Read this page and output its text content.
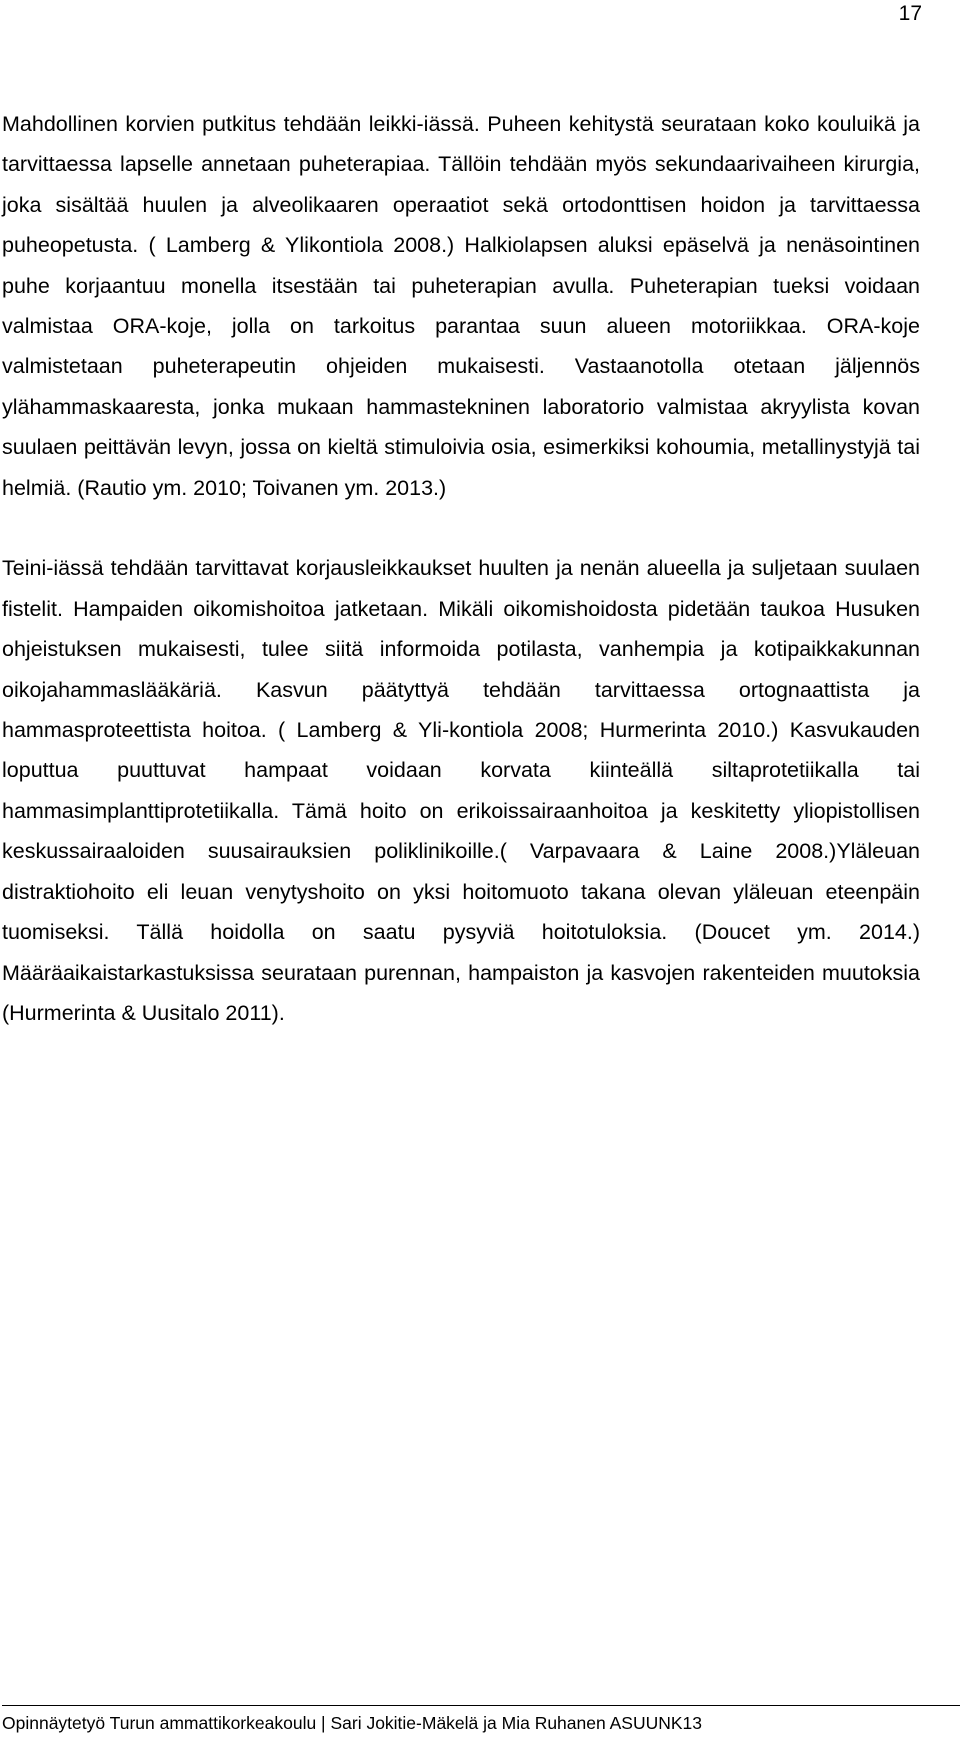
17

Mahdollinen korvien putkitus tehdään leikki-iässä. Puheen kehitystä seurataan koko kouluikä ja tarvittaessa lapselle annetaan puheterapiaa. Tällöin tehdään myös sekundaarivaiheen kirurgia, joka sisältää huulen ja alveolikaaren operaatiot sekä ortodonttisen hoidon ja tarvittaessa puheopetusta. ( Lamberg & Ylikontiola 2008.) Halkiolapsen aluksi epäselvä ja nenäsointinen puhe korjaantuu monella itsestään tai puheterapian avulla. Puheterapian tueksi voidaan valmistaa ORA-koje, jolla on tarkoitus parantaa suun alueen motoriikkaa. ORA-koje valmistetaan puheterapeutin ohjeiden mukaisesti. Vastaanotolla otetaan jäljennös ylähammaskaaresta, jonka mukaan hammastekninen laboratorio valmistaa akryylista kovan suulaen peittävän levyn, jossa on kieltä stimuloivia osia, esimerkiksi kohoumia, metallinystyjä tai helmiä. (Rautio ym. 2010; Toivanen ym. 2013.)

Teini-iässä tehdään tarvittavat korjausleikkaukset huulten ja nenän alueella ja suljetaan suulaen fistelit. Hampaiden oikomishoitoa jatketaan. Mikäli oikomishoidosta pidetään taukoa Husuken ohjeistuksen mukaisesti, tulee siitä informoida potilasta, vanhempia ja kotipaikkakunnan oikojahammaslääkäriä. Kasvun päätyttyä tehdään tarvittaessa ortognaattista ja hammasproteettista hoitoa. ( Lamberg & Yli-kontiola 2008; Hurmerinta 2010.) Kasvukauden loputtua puuttuvat hampaat voidaan korvata kiinteällä siltaprotetiikalla tai hammasimplanttiprotetiikalla. Tämä hoito on erikoissairaanhoitoa ja keskitetty yliopistollisen keskussairaaloiden suusairauksien poliklinikoille.( Varpavaara & Laine 2008.)Yläleuan distraktiohoito eli leuan venytyshoito on yksi hoitomuoto takana olevan yläleuan eteenpäin tuomiseksi. Tällä hoidolla on saatu pysyviä hoitotuloksia. (Doucet ym. 2014.) Määräaikaistarkastuksissa seurataan purennan, hampaiston ja kasvojen rakenteiden muutoksia (Hurmerinta & Uusitalo 2011).

Opinnäytetyö Turun ammattikorkeakoulu | Sari Jokitie-Mäkelä ja Mia Ruhanen ASUUNK13
